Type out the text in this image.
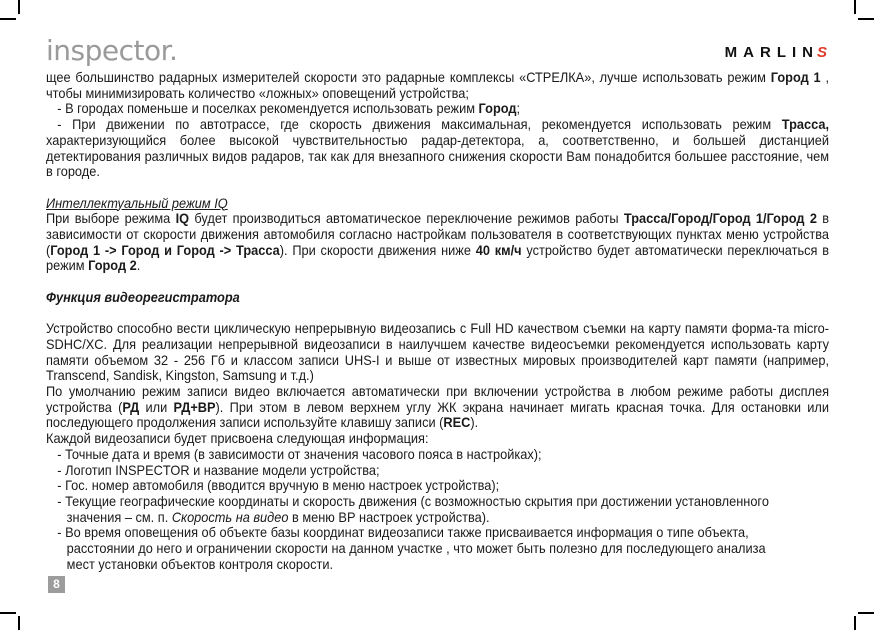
inspector.	MARLINS

щее большинство радарных измерителей скорости это радарные комплексы «СТРЕЛКА», лучше использовать режим Город 1 , чтобы минимизировать количество «ложных» оповещений устройства;

- В городах поменьше и поселках рекомендуется использовать режим Город;

- При движении по автотрассе, где скорость движения максимальная, рекомендуется использовать режим Трасса, характеризующийся более высокой чувствительностью радар-детектора, а, соответственно, и большей дистанцией детектирования различных видов радаров, так как для внезапного снижения скорости Вам понадобится большее расстояние, чем в городе.

Интеллектуальный режим IQ

При выборе режима IQ будет производиться автоматическое переключение режимов работы Трасса/Город/Город 1/Город 2 в зависимости от скорости движения автомобиля согласно настройкам пользователя в соответствующих пунктах меню устройства (Город 1 -> Город и Город -> Трасса). При скорости движения ниже 40 км/ч устройство будет автоматически переключаться в режим Город 2.

Функция видеорегистратора

Устройство способно вести циклическую непрерывную видеозапись с Full HD качеством съемки на карту памяти форма-та micro-SDHC/XC. Для реализации непрерывной видеозаписи в наилучшем качестве видеосъемки рекомендуется использовать карту памяти объемом 32 - 256 Гб и классом записи UHS-I и выше от известных мировых производителей карт памяти (например, Transcend, Sandisk, Kingston, Samsung и т.д.)

По умолчанию режим записи видео включается автоматически при включении устройства в любом режиме работы дисплея устройства (РД или РД+ВР). При этом в левом верхнем углу ЖК экрана начинает мигать красная точка. Для остановки или последующего продолжения записи используйте клавишу записи (REC).

Каждой видеозаписи будет присвоена следующая информация:

- Точные дата и время (в зависимости от значения часового пояса в настройках);

- Логотип INSPECTOR и название модели устройства;

- Гос. номер автомобиля (вводится вручную в меню настроек устройства);

- Текущие географические координаты и скорость движения (с возможностью скрытия при достижении установленного

значения – см. п. Скорость на видео в меню ВР настроек устройства).

- Во время оповещения об объекте базы координат видеозаписи также присваивается информация о типе объекта,

расстоянии до него и ограничении скорости на данном участке , что может быть полезно для последующего анализа

мест установки объектов контроля скорости.

8
